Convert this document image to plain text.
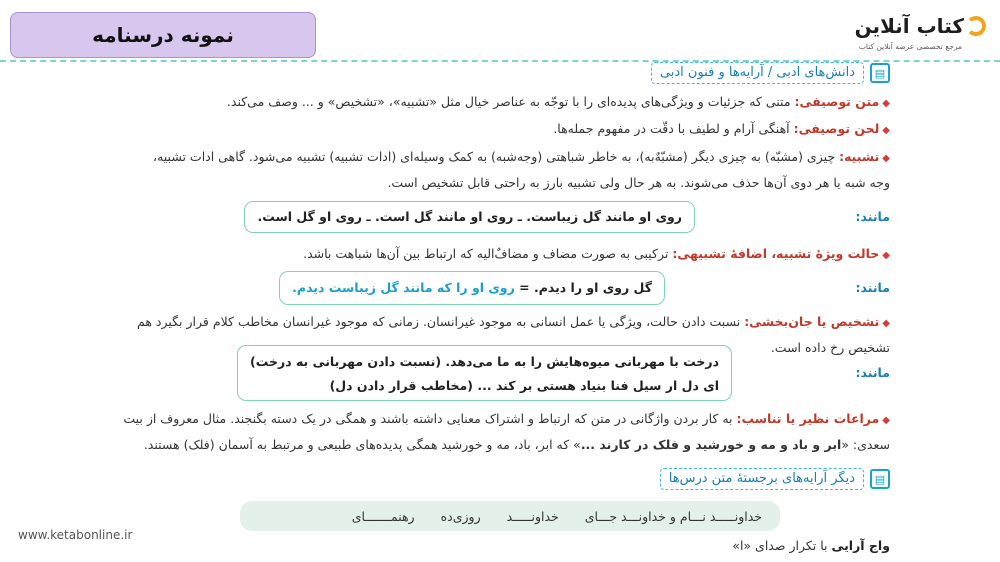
نمونه درسنامه	کتاب آنلاین
مرجع تخصصی عرضه آنلاین کتاب
▤
دانش‌های ادبی / آرایه‌ها و فنون ادبی
◆متن توصیفی: متنی که جزئیات و ویژگی‌های پدیده‌ای را با توجّه به عناصر خیال مثل «تشبیه»، «تشخیص» و ... وصف می‌کند.
◆لحن توصیفی: آهنگی آرام و لطیف با دقّت در مفهوم جمله‌ها.
◆تشبیه: چیزی (مشبّه) به چیزی دیگر (مشبّهٌ‌به)، به خاطر شباهتی (وجه‌شبه) به کمک وسیله‌ای (ادات تشبیه) تشبیه می‌شود. گاهی ادات تشبیه،
وجه شبه یا هر دوی آن‌ها حذف می‌شوند. به هر حال ولی تشبیه بارز به راحتی قابل تشخیص است.
مانند:
روی او مانند گل زیباست. ـ روی او مانند گل است. ـ روی او گل است.
◆حالت ویژهٔ تشبیه، اضافهٔ تشبیهی: ترکیبی به صورت مضاف و مضافٌ‌الیه که ارتباط بین آن‌ها شباهت باشد.
مانند:
گل روی او را دیدم. = روی او را که مانند گل زیباست دیدم.
◆تشخیص یا جان‌بخشی: نسبت دادن حالت، ویژگی یا عمل انسانی به موجود غیرانسان. زمانی که موجود غیرانسان مخاطب کلام قرار بگیرد هم
تشخیص رخ داده است.
مانند:
درخت با مهربانی میوه‌هایش را به ما می‌دهد. (نسبت دادن مهربانی به درخت)
ای دل ار سیل فنا بنیاد هستی بر کند ... (مخاطب قرار دادن دل)
◆مراعات نظیر یا تناسب: به کار بردن واژگانی در متن که ارتباط و اشتراک معنایی داشته باشند و همگی در یک دسته بگنجند. مثال معروف از بیت
سعدی: «ابر و باد و مه و خورشید و فلک در کارند ...» که ابر، باد، مه و خورشید همگی پدیده‌های طبیعی و مرتبط به آسمان (فلک) هستند.
▤
دیگر آرایه‌های برجستهٔ متن درس‌ها
خداونـــــد نـــام و خداونـــد جـــای
خداونـــــد
روزی‌ده
رهنمـــــــای
واج آرایی با تکرار صدای «ا»
www.ketabonline.ir
